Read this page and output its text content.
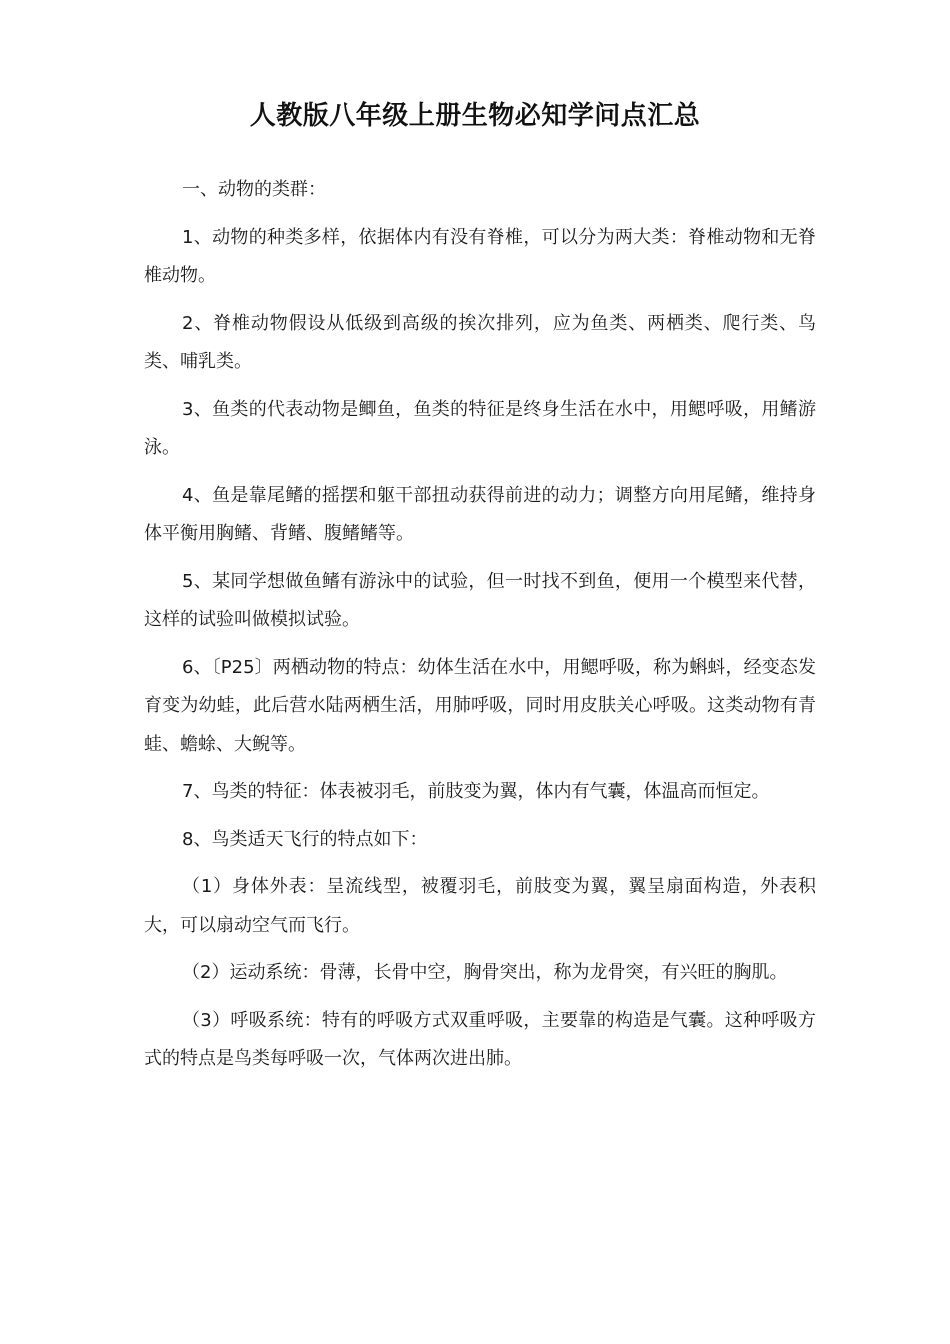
人教版八年级上册生物必知学问点汇总

一、动物的类群：

1、动物的种类多样，依据体内有没有脊椎，可以分为两大类：脊椎动物和无脊椎动物。

2、脊椎动物假设从低级到高级的挨次排列，应为鱼类、两栖类、爬行类、鸟类、哺乳类。

3、鱼类的代表动物是鲫鱼，鱼类的特征是终身生活在水中，用鳃呼吸，用鳍游泳。

4、鱼是靠尾鳍的摇摆和躯干部扭动获得前进的动力；调整方向用尾鳍，维持身体平衡用胸鳍、背鳍、腹鳍鳍等。

5、某同学想做鱼鳍有游泳中的试验，但一时找不到鱼，便用一个模型来代替，这样的试验叫做模拟试验。

6、〔P25〕两栖动物的特点：幼体生活在水中，用鳃呼吸，称为蝌蚪，经变态发育变为幼蛙，此后营水陆两栖生活，用肺呼吸，同时用皮肤关心呼吸。这类动物有青蛙、蟾蜍、大鲵等。

7、鸟类的特征：体表被羽毛，前肢变为翼，体内有气囊，体温高而恒定。

8、鸟类适天飞行的特点如下：

（1）身体外表：呈流线型，被覆羽毛，前肢变为翼，翼呈扇面构造，外表积大，可以扇动空气而飞行。

（2）运动系统：骨薄，长骨中空，胸骨突出，称为龙骨突，有兴旺的胸肌。

（3）呼吸系统：特有的呼吸方式双重呼吸，主要靠的构造是气囊。这种呼吸方式的特点是鸟类每呼吸一次，气体两次进出肺。
